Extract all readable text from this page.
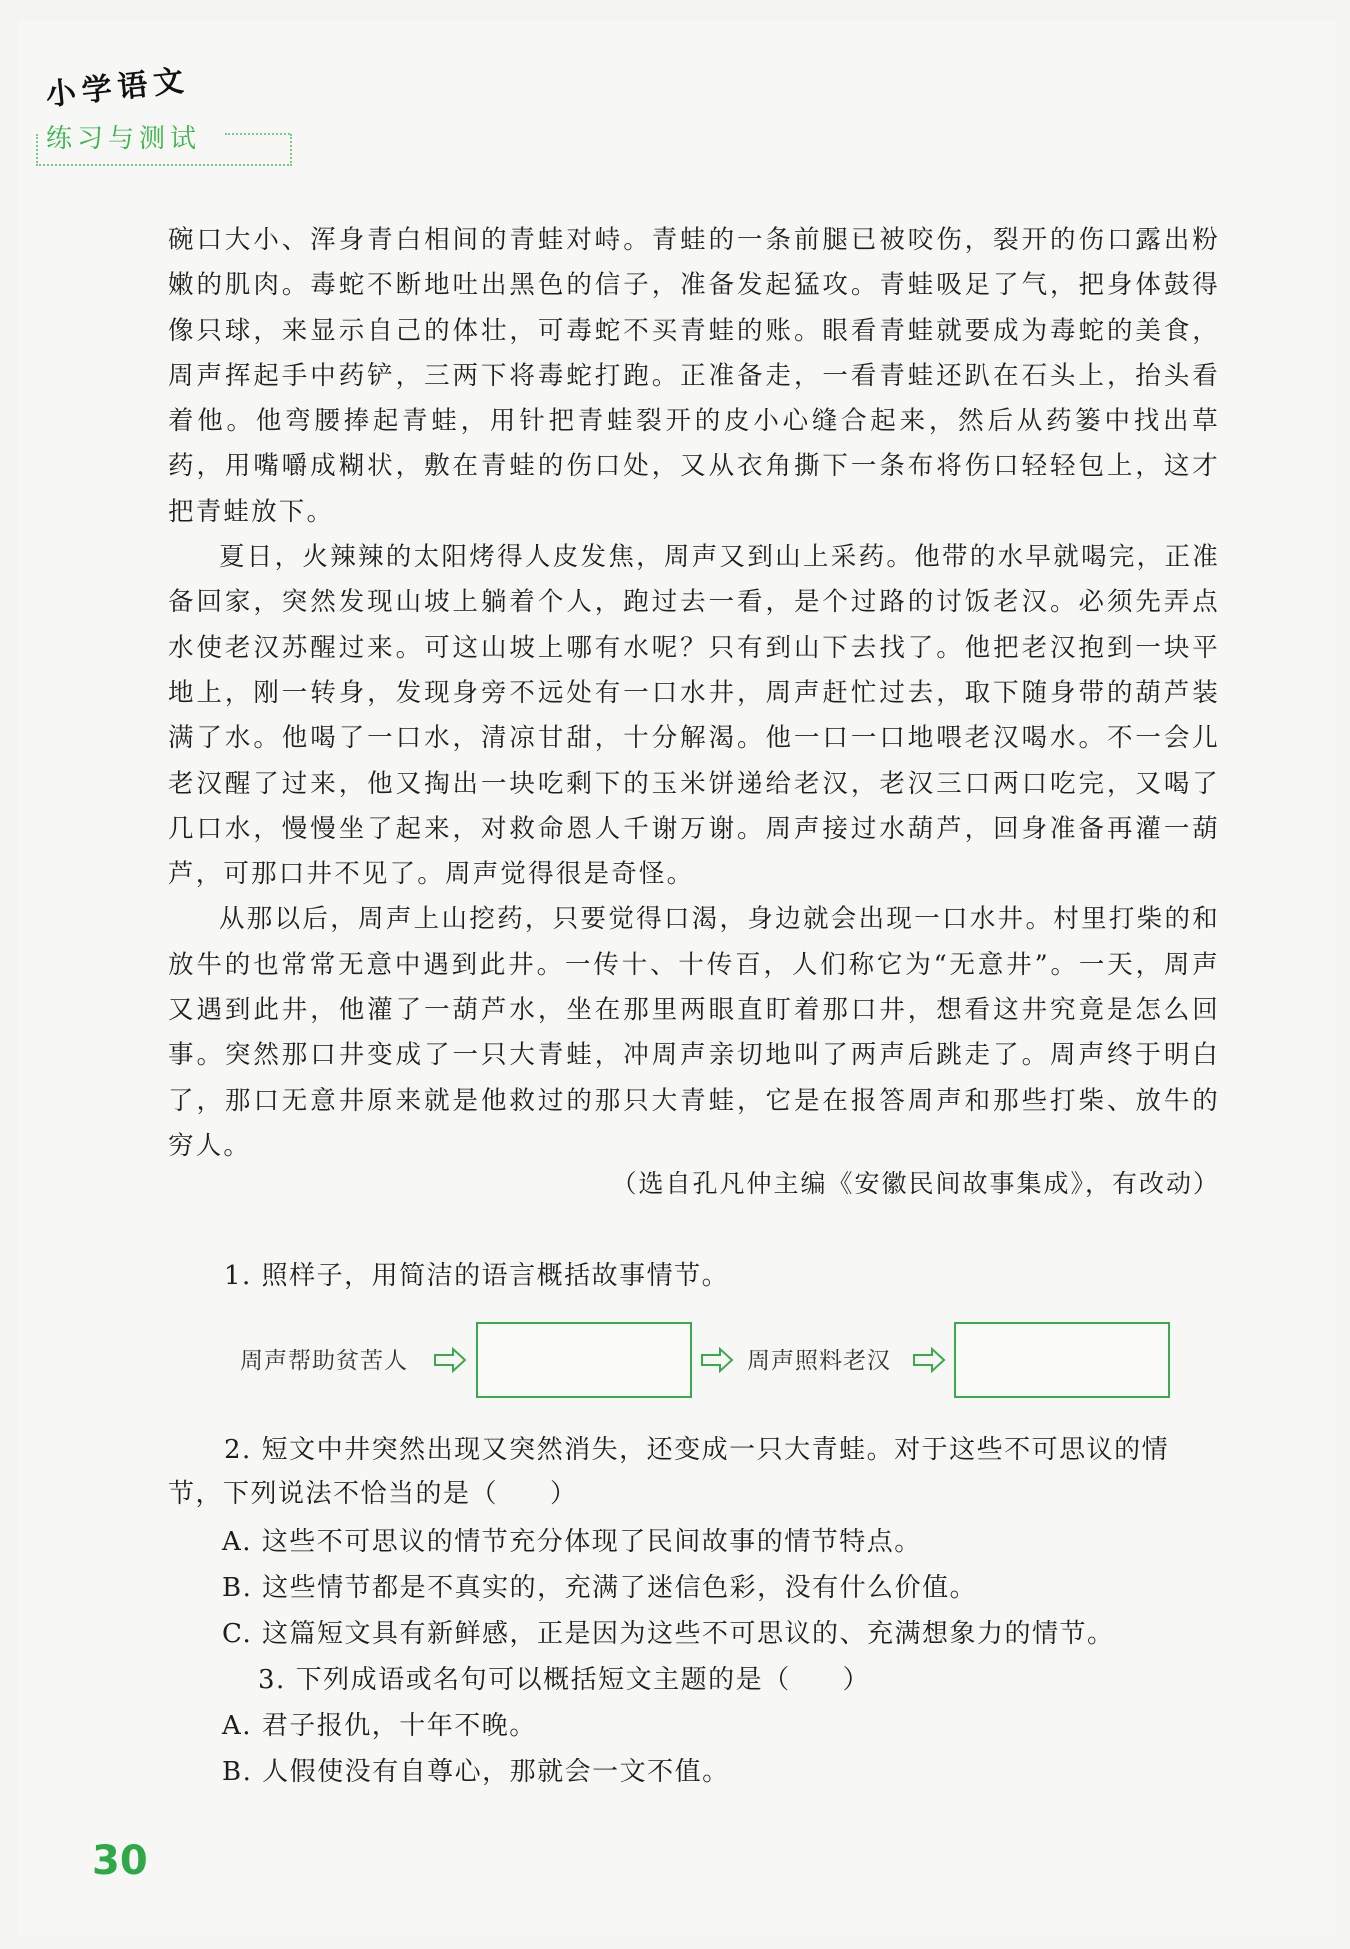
小学语文
练习与测试

碗口大小、浑身青白相间的青蛙对峙。青蛙的一条前腿已被咬伤，裂开的伤口露出粉嫩的肌肉。毒蛇不断地吐出黑色的信子，准备发起猛攻。青蛙吸足了气，把身体鼓得像只球，来显示自己的体壮，可毒蛇不买青蛙的账。眼看青蛙就要成为毒蛇的美食，周声挥起手中药铲，三两下将毒蛇打跑。正准备走，一看青蛙还趴在石头上，抬头看着他。他弯腰捧起青蛙，用针把青蛙裂开的皮小心缝合起来，然后从药篓中找出草药，用嘴嚼成糊状，敷在青蛙的伤口处，又从衣角撕下一条布将伤口轻轻包上，这才把青蛙放下。

夏日，火辣辣的太阳烤得人皮发焦，周声又到山上采药。他带的水早就喝完，正准备回家，突然发现山坡上躺着个人，跑过去一看，是个过路的讨饭老汉。必须先弄点水使老汉苏醒过来。可这山坡上哪有水呢？只有到山下去找了。他把老汉抱到一块平地上，刚一转身，发现身旁不远处有一口水井，周声赶忙过去，取下随身带的葫芦装满了水。他喝了一口水，清凉甘甜，十分解渴。他一口一口地喂老汉喝水。不一会儿老汉醒了过来，他又掏出一块吃剩下的玉米饼递给老汉，老汉三口两口吃完，又喝了几口水，慢慢坐了起来，对救命恩人千谢万谢。周声接过水葫芦，回身准备再灌一葫芦，可那口井不见了。周声觉得很是奇怪。

从那以后，周声上山挖药，只要觉得口渴，身边就会出现一口水井。村里打柴的和放牛的也常常无意中遇到此井。一传十、十传百，人们称它为“无意井”。一天，周声又遇到此井，他灌了一葫芦水，坐在那里两眼直盯着那口井，想看这井究竟是怎么回事。突然那口井变成了一只大青蛙，冲周声亲切地叫了两声后跳走了。周声终于明白了，那口无意井原来就是他救过的那只大青蛙，它是在报答周声和那些打柴、放牛的穷人。

（选自孔凡仲主编《安徽民间故事集成》，有改动）
1. 照样子，用简洁的语言概括故事情节。
周声帮助贫苦人	周声照料老汉
2. 短文中井突然出现又突然消失，还变成一只大青蛙。对于这些不可思议的情节，下列说法不恰当的是（ ）
A. 这些不可思议的情节充分体现了民间故事的情节特点。
B. 这些情节都是不真实的，充满了迷信色彩，没有什么价值。
C. 这篇短文具有新鲜感，正是因为这些不可思议的、充满想象力的情节。
3. 下列成语或名句可以概括短文主题的是（ ）
A. 君子报仇，十年不晚。
B. 人假使没有自尊心，那就会一文不值。
30
